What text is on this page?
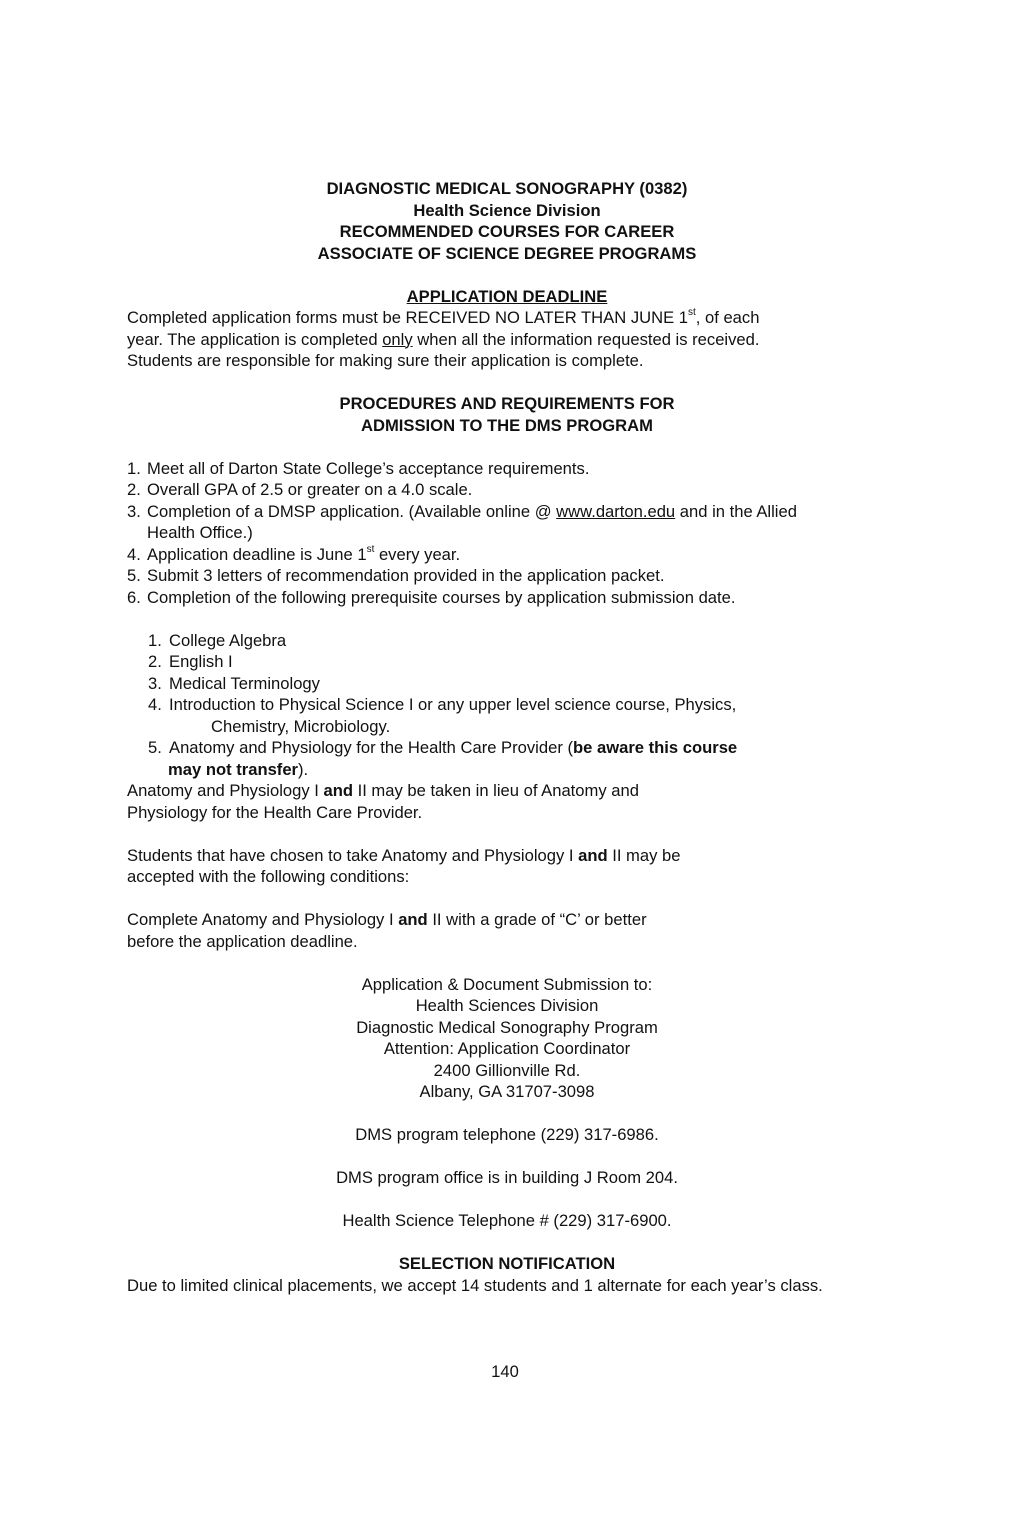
DIAGNOSTIC MEDICAL SONOGRAPHY (0382)
Health Science Division
RECOMMENDED COURSES FOR CAREER
ASSOCIATE OF SCIENCE DEGREE PROGRAMS
APPLICATION DEADLINE
Completed application forms must be RECEIVED NO LATER THAN JUNE 1st, of each
year. The application is completed only when all the information requested is received.
Students are responsible for making sure their application is complete.
PROCEDURES AND REQUIREMENTS FOR
ADMISSION TO THE DMS PROGRAM
1. Meet all of Darton State College’s acceptance requirements.
2. Overall GPA of 2.5 or greater on a 4.0 scale.
3. Completion of a DMSP application. (Available online @ www.darton.edu and in the Allied
Health Office.)
4. Application deadline is June 1st every year.
5. Submit 3 letters of recommendation provided in the application packet.
6. Completion of the following prerequisite courses by application submission date.
1. College Algebra
2. English I
3. Medical Terminology
4. Introduction to Physical Science I or any upper level science course, Physics,
Chemistry, Microbiology.
5. Anatomy and Physiology for the Health Care Provider (be aware this course
may not transfer).
Anatomy and Physiology I and II may be taken in lieu of Anatomy and
Physiology for the Health Care Provider.
Students that have chosen to take Anatomy and Physiology I and II may be
accepted with the following conditions:
Complete Anatomy and Physiology I and II with a grade of “C’ or better
before the application deadline.
Application & Document Submission to:
Health Sciences Division
Diagnostic Medical Sonography Program
Attention: Application Coordinator
2400 Gillionville Rd.
Albany, GA 31707-3098
DMS program telephone (229) 317-6986.
DMS program office is in building J Room 204.
Health Science Telephone # (229) 317-6900.
SELECTION NOTIFICATION
Due to limited clinical placements, we accept 14 students and 1 alternate for each year’s class.
140
